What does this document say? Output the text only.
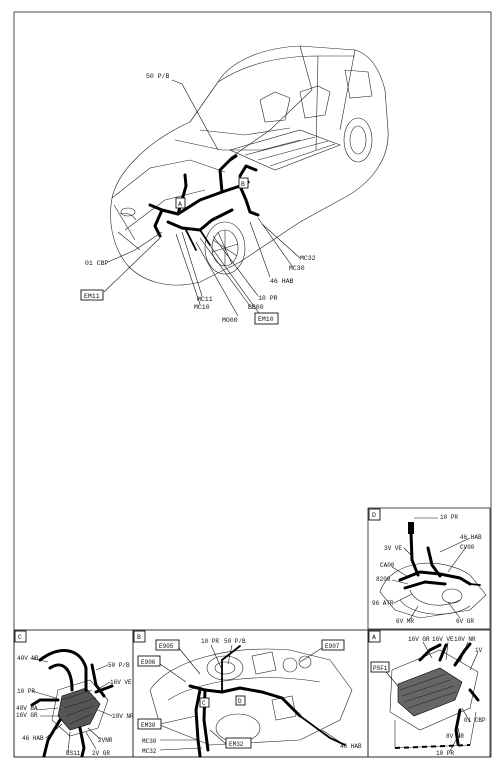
A
B
50 P/B
01 CBP
MC32
MC30
46 HAB
10 PR
BB00
MC11
MC10
MO00
EM11
EM10
D	10 PR
3V VE
46 HAB
CV00
CA00
8209
96 ATR
6V MR	6V GR
C
40V NR
50 P/B
16V VE
10 PR
40V BA
16V GR	10V NR
2VNR
46 HAB
BS11 2V GR
B
C	D
E905
10 PR 50 P/B
E907
E906
EM30
MC30
MC32
EM32	46 HAB
A	16V GR 16V VE 10V NR
1V
PSF1
01 CBP
8V NR
10 PR
